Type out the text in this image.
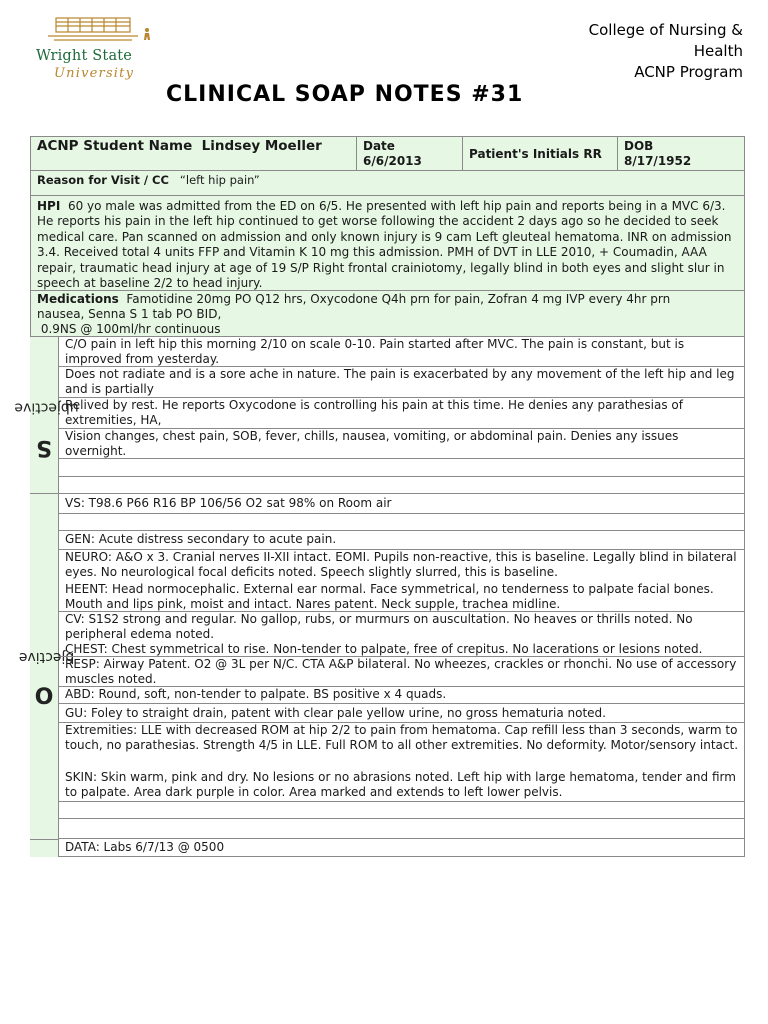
Wright State
University
College of Nursing &
Health
ACNP Program
CLINICAL SOAP NOTES #31
ACNP Student Name Lindsey Moeller	Date
6/6/2013
Patient's Initials
RR
DOB
8/17/1952
Reason for Visit / CC “left hip pain”
HPI 60 yo male was admitted from the ED on 6/5. He presented with left hip pain and reports being in a MVC 6/3. He reports his pain in the left hip continued to get worse following the accident 2 days ago so he decided to seek medical care. Pan scanned on admission and only known injury is 9 cam Left gleuteal hematoma. INR on admission 3.4. Received total 4 units FFP and Vitamin K 10 mg this admission. PMH of DVT in LLE 2010, + Coumadin, AAA repair, traumatic head injury at age of 19 S/P Right frontal crainiotomy, legally blind in both eyes and slight slur in speech at baseline 2/2 to head injury.
Medications Famotidine 20mg PO Q12 hrs, Oxycodone Q4h prn for pain, Zofran 4 mg IVP every 4hr prn
nausea, Senna S 1 tab PO BID,
0.9NS @ 100ml/hr continuous
Subjective
Objective
C/O pain in left hip this morning 2/10 on scale 0-10. Pain started after MVC. The pain is constant, but is improved from yesterday.
Does not radiate and is a sore ache in nature. The pain is exacerbated by any movement of the left hip and leg and is partially
Relived by rest. He reports Oxycodone is controlling his pain at this time. He denies any parathesias of extremities, HA,
Vision changes, chest pain, SOB, fever, chills, nausea, vomiting, or abdominal pain. Denies any issues overnight.
VS: T98.6 P66 R16 BP 106/56 O2 sat 98% on Room air
GEN: Acute distress secondary to acute pain.
NEURO: A&O x 3. Cranial nerves II-XII intact. EOMI. Pupils non-reactive, this is baseline. Legally blind in bilateral eyes. No neurological focal deficits noted. Speech slightly slurred, this is baseline.
HEENT: Head normocephalic. External ear normal. Face symmetrical, no tenderness to palpate facial bones. Mouth and lips pink, moist and intact. Nares patent. Neck supple, trachea midline.
CV: S1S2 strong and regular. No gallop, rubs, or murmurs on auscultation. No heaves or thrills noted. No peripheral edema noted.
CHEST: Chest symmetrical to rise. Non-tender to palpate, free of crepitus. No lacerations or lesions noted.
RESP: Airway Patent. O2 @ 3L per N/C. CTA A&P bilateral. No wheezes, crackles or rhonchi. No use of accessory muscles noted.
ABD: Round, soft, non-tender to palpate. BS positive x 4 quads.
GU: Foley to straight drain, patent with clear pale yellow urine, no gross hematuria noted.
Extremities: LLE with decreased ROM at hip 2/2 to pain from hematoma. Cap refill less than 3 seconds, warm to touch, no parathesias. Strength 4/5 in LLE. Full ROM to all other extremities. No deformity. Motor/sensory intact.
SKIN: Skin warm, pink and dry. No lesions or no abrasions noted. Left hip with large hematoma, tender and firm to palpate. Area dark purple in color. Area marked and extends to left lower pelvis.
DATA: Labs 6/7/13 @ 0500
